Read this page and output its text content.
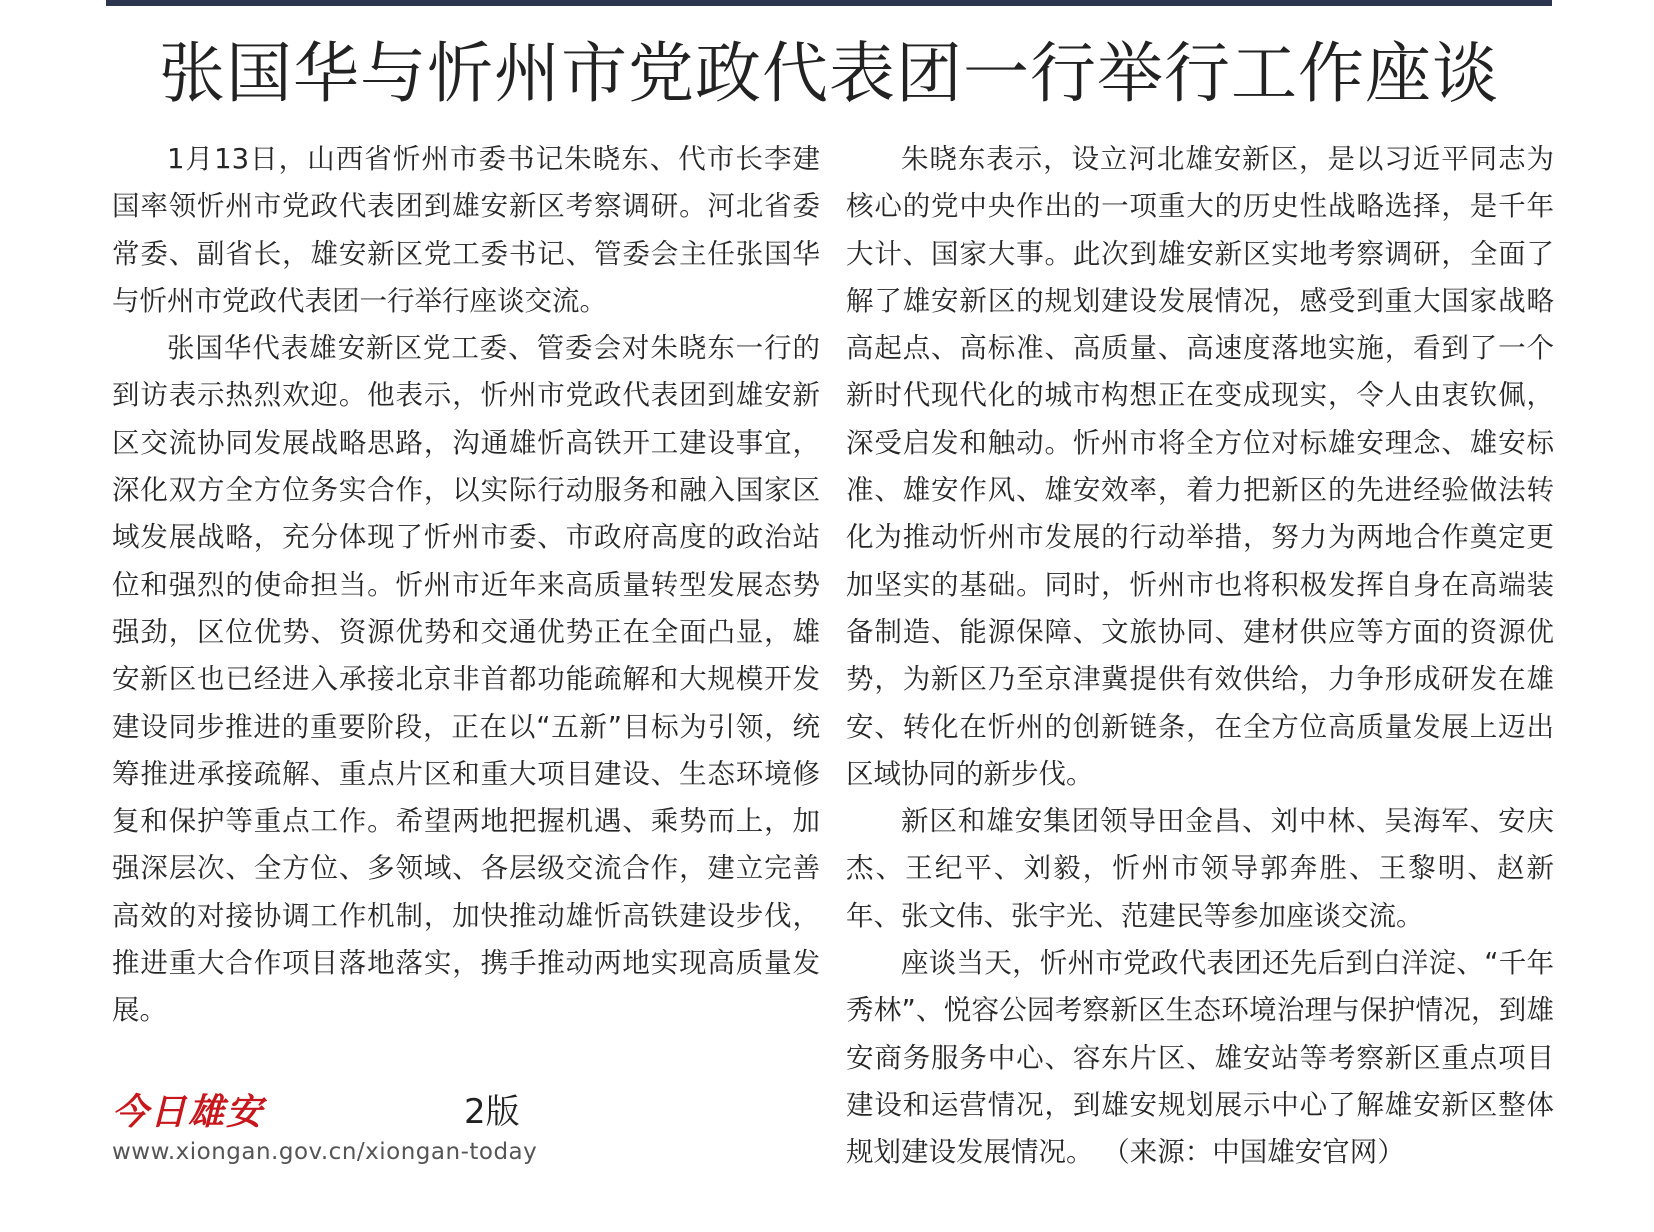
张国华与忻州市党政代表团一行举行工作座谈

1月13日，山西省忻州市委书记朱晓东、代市长李建国率领忻州市党政代表团到雄安新区考察调研。河北省委常委、副省长，雄安新区党工委书记、管委会主任张国华与忻州市党政代表团一行举行座谈交流。

张国华代表雄安新区党工委、管委会对朱晓东一行的到访表示热烈欢迎。他表示，忻州市党政代表团到雄安新区交流协同发展战略思路，沟通雄忻高铁开工建设事宜，深化双方全方位务实合作，以实际行动服务和融入国家区域发展战略，充分体现了忻州市委、市政府高度的政治站位和强烈的使命担当。忻州市近年来高质量转型发展态势强劲，区位优势、资源优势和交通优势正在全面凸显，雄安新区也已经进入承接北京非首都功能疏解和大规模开发建设同步推进的重要阶段，正在以“五新”目标为引领，统筹推进承接疏解、重点片区和重大项目建设、生态环境修复和保护等重点工作。希望两地把握机遇、乘势而上，加强深层次、全方位、多领域、各层级交流合作，建立完善高效的对接协调工作机制，加快推动雄忻高铁建设步伐，推进重大合作项目落地落实，携手推动两地实现高质量发展。

朱晓东表示，设立河北雄安新区，是以习近平同志为核心的党中央作出的一项重大的历史性战略选择，是千年大计、国家大事。此次到雄安新区实地考察调研，全面了解了雄安新区的规划建设发展情况，感受到重大国家战略高起点、高标准、高质量、高速度落地实施，看到了一个新时代现代化的城市构想正在变成现实，令人由衷钦佩，深受启发和触动。忻州市将全方位对标雄安理念、雄安标准、雄安作风、雄安效率，着力把新区的先进经验做法转化为推动忻州市发展的行动举措，努力为两地合作奠定更加坚实的基础。同时，忻州市也将积极发挥自身在高端装备制造、能源保障、文旅协同、建材供应等方面的资源优势，为新区乃至京津冀提供有效供给，力争形成研发在雄安、转化在忻州的创新链条，在全方位高质量发展上迈出区域协同的新步伐。

新区和雄安集团领导田金昌、刘中林、吴海军、安庆杰、王纪平、刘毅，忻州市领导郭奔胜、王黎明、赵新年、张文伟、张宇光、范建民等参加座谈交流。

座谈当天，忻州市党政代表团还先后到白洋淀、“千年秀林”、悦容公园考察新区生态环境治理与保护情况，到雄安商务服务中心、容东片区、雄安站等考察新区重点项目建设和运营情况，到雄安规划展示中心了解雄安新区整体规划建设发展情况。 （来源：中国雄安官网）

今日雄安	2版
www.xiongan.gov.cn/xiongan-today
